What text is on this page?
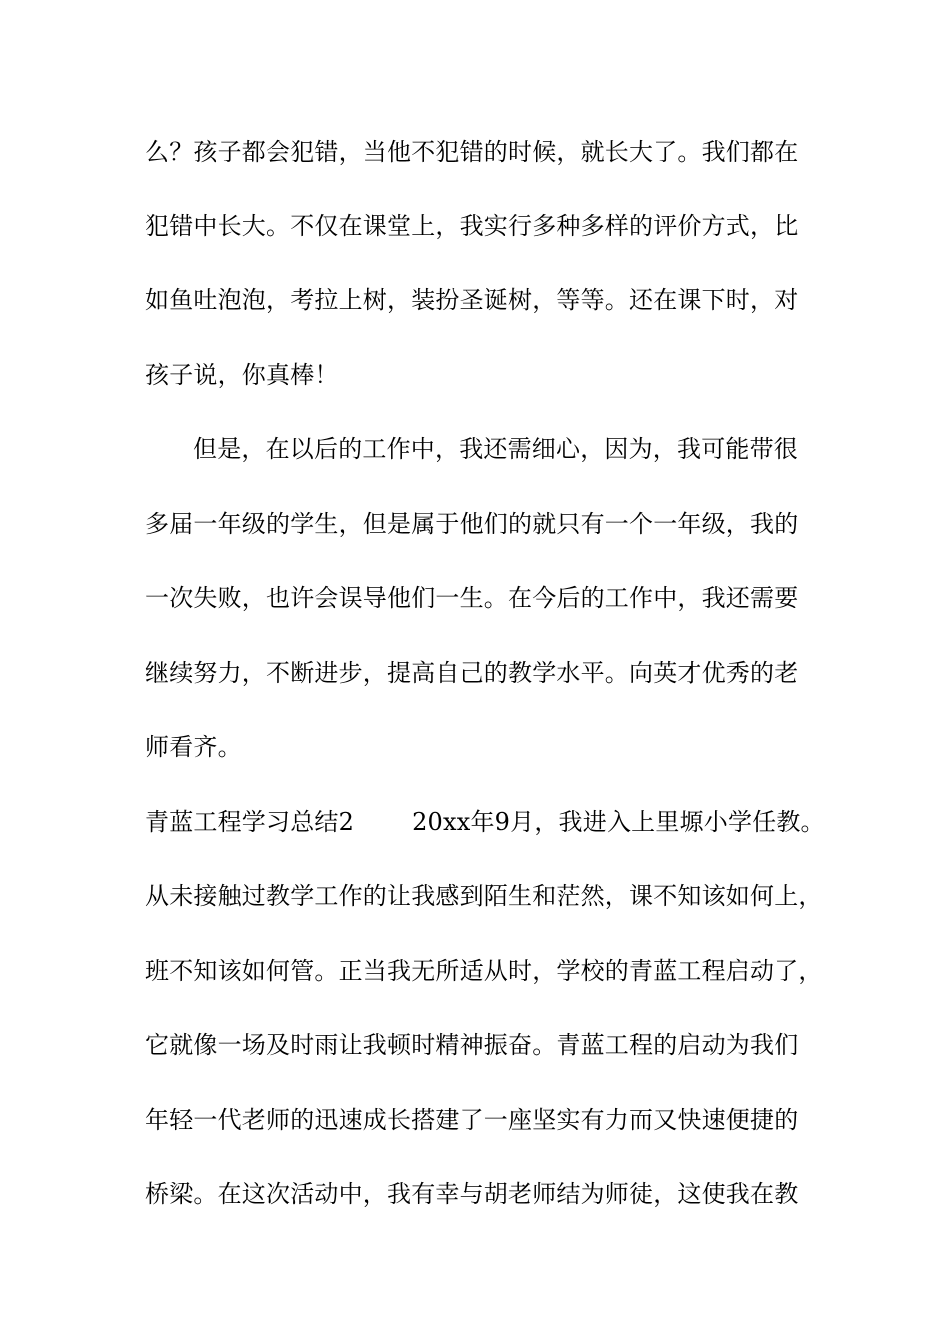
么？孩子都会犯错，当他不犯错的时候，就长大了。我们都在
犯错中长大。不仅在课堂上，我实行多种多样的评价方式，比
如鱼吐泡泡，考拉上树，装扮圣诞树，等等。还在课下时，对
孩子说，你真棒！
但是，在以后的工作中，我还需细心，因为，我可能带很
多届一年级的学生，但是属于他们的就只有一个一年级，我的
一次失败，也许会误导他们一生。在今后的工作中，我还需要
继续努力，不断进步，提高自己的教学水平。向英才优秀的老
师看齐。
青蓝工程学习总结2 20xx年9月，我进入上里塬小学任教。
从未接触过教学工作的让我感到陌生和茫然，课不知该如何上，
班不知该如何管。正当我无所适从时，学校的青蓝工程启动了，
它就像一场及时雨让我顿时精神振奋。青蓝工程的启动为我们
年轻一代老师的迅速成长搭建了一座坚实有力而又快速便捷的
桥梁。在这次活动中，我有幸与胡老师结为师徒，这使我在教
